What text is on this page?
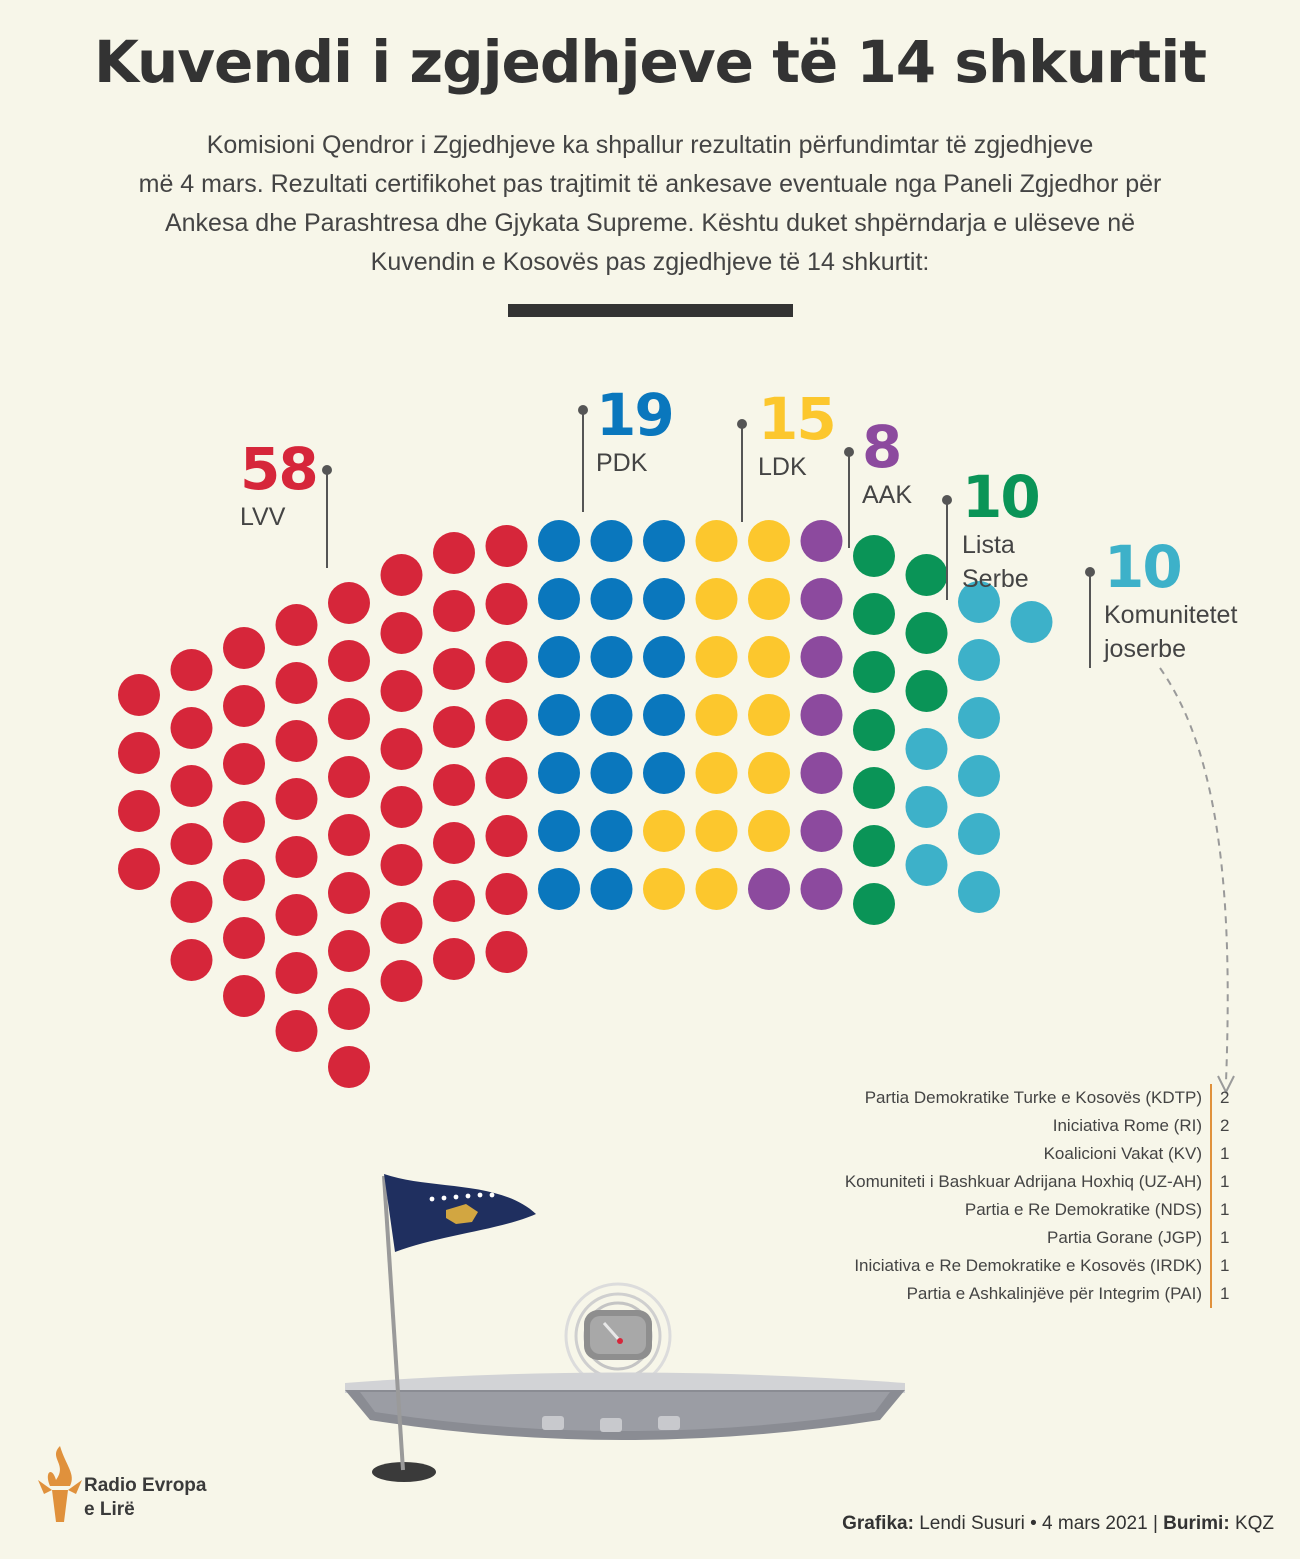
Kuvendi i zgjedhjeve të 14 shkurtit
Komisioni Qendror i Zgjedhjeve ka shpallur rezultatin përfundimtar të zgjedhjeve
më 4 mars. Rezultati certifikohet pas trajtimit të ankesave eventuale nga Paneli Zgjedhor për
Ankesa dhe Parashtresa dhe Gjykata Supreme. Kështu duket shpërndarja e ulëseve në
Kuvendin e Kosovës pas zgjedhjeve të 14 shkurtit:
58
LVV
19
PDK
15
LDK 8
AAK 10
Lista
Serbe 10
Komunitetet
joserbe
Partia Demokratike Turke e Kosovës (KDTP)	2
Iniciativa Rome (RI)	2
Koalicioni Vakat (KV)	1
Komuniteti i Bashkuar Adrijana Hoxhiq (UZ-AH)	1
Partia e Re Demokratike (NDS)	1
Partia Gorane (JGP)	1
Iniciativa e Re Demokratike e Kosovës (IRDK)	1
Partia e Ashkalinjëve për Integrim (PAI)	1
Radio Evropa
e Lirë
Grafika: Lendi Susuri • 4 mars 2021 | Burimi: KQZ
